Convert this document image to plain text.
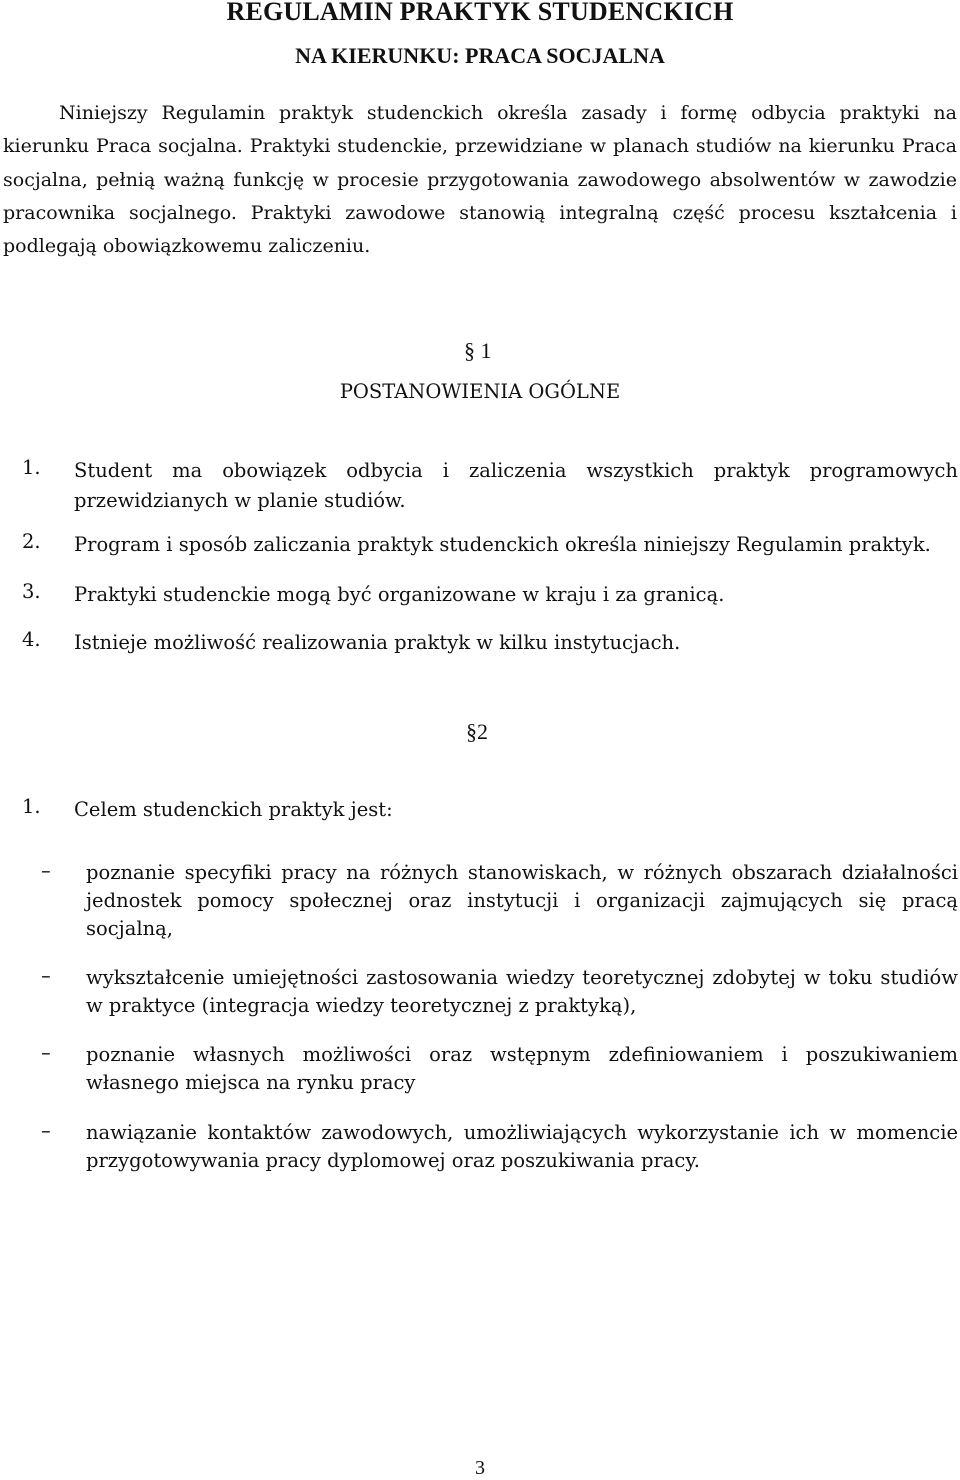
REGULAMIN PRAKTYK STUDENCKICH
NA KIERUNKU: PRACA SOCJALNA

Niniejszy Regulamin praktyk studenckich określa zasady i formę odbycia praktyki na kierunku Praca socjalna. Praktyki studenckie, przewidziane w planach studiów na kierunku Praca socjalna, pełnią ważną funkcję w procesie przygotowania zawodowego absolwentów w zawodzie pracownika socjalnego. Praktyki zawodowe stanowią integralną część procesu kształcenia i podlegają obowiązkowemu zaliczeniu.

§ 1
POSTANOWIENIA OGÓLNE
1. Student ma obowiązek odbycia i zaliczenia wszystkich praktyk programowych przewidzianych w planie studiów.
2. Program i sposób zaliczania praktyk studenckich określa niniejszy Regulamin praktyk.
3. Praktyki studenckie mogą być organizowane w kraju i za granicą.
4. Istnieje możliwość realizowania praktyk w kilku instytucjach.
§2
1. Celem studenckich praktyk jest:
– poznanie specyfiki pracy na różnych stanowiskach, w różnych obszarach działalności jednostek pomocy społecznej oraz instytucji i organizacji zajmujących się pracą socjalną,
– wykształcenie umiejętności zastosowania wiedzy teoretycznej zdobytej w toku studiów w praktyce (integracja wiedzy teoretycznej z praktyką),
– poznanie własnych możliwości oraz wstępnym zdefiniowaniem i poszukiwaniem własnego miejsca na rynku pracy
– nawiązanie kontaktów zawodowych, umożliwiających wykorzystanie ich w momencie przygotowywania pracy dyplomowej oraz poszukiwania pracy.
3
